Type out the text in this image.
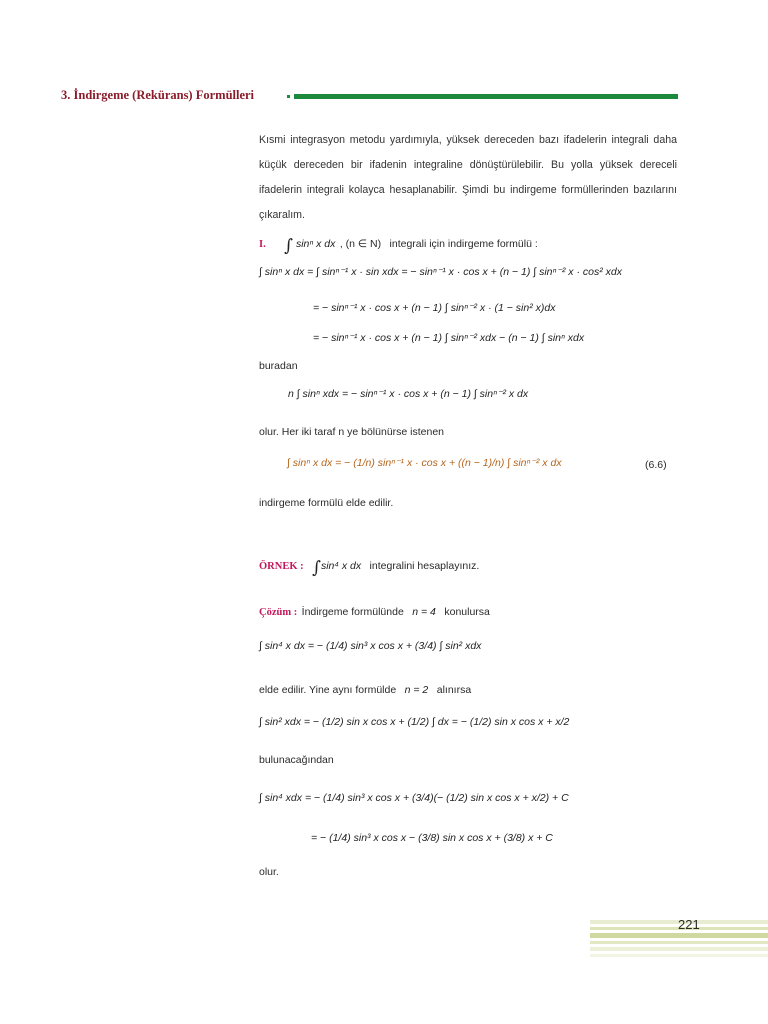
3. İndirgeme (Rekürans) Formülleri
Kısmi integrasyon metodu yardımıyla, yüksek dereceden bazı ifadelerin integrali daha küçük dereceden bir ifadenin integraline dönüştürülebilir. Bu yolla yüksek dereceli ifadelerin integrali kolayca hesaplanabilir. Şimdi bu indirgeme formüllerinden bazılarını çıkaralım.
I. ∫ sinⁿ x dx , (n ∈ N) integrali için indirgeme formülü :
∫ sinⁿ x dx = ∫ sinⁿ⁻¹ x · sin xdx = − sinⁿ⁻¹ x · cos x + (n − 1) ∫ sinⁿ⁻² x · cos² xdx
= − sinⁿ⁻¹ x · cos x + (n − 1) ∫ sinⁿ⁻² x · (1 − sin² x)dx
= − sinⁿ⁻¹ x · cos x + (n − 1) ∫ sinⁿ⁻² xdx − (n − 1) ∫ sinⁿ xdx
buradan
n ∫ sinⁿ xdx = − sinⁿ⁻¹ x · cos x + (n − 1) ∫ sinⁿ⁻² x dx
olur. Her iki taraf n ye bölünürse istenen
∫ sinⁿ x dx = − (1/n) sinⁿ⁻¹ x · cos x + ((n − 1)/n) ∫ sinⁿ⁻² x dx	(6.6)
indirgeme formülü elde edilir.
ÖRNEK : ∫sin⁴ x dx integralini hesaplayınız.
Çözüm : İndirgeme formülünde n = 4 konulursa
∫ sin⁴ x dx = − (1/4) sin³ x cos x + (3/4) ∫ sin² xdx
elde edilir. Yine aynı formülde n = 2 alınırsa
∫ sin² xdx = − (1/2) sin x cos x + (1/2) ∫ dx = − (1/2) sin x cos x + x/2
bulunacağından
∫ sin⁴ xdx = − (1/4) sin³ x cos x + (3/4)(− (1/2) sin x cos x + x/2) + C
= − (1/4) sin³ x cos x − (3/8) sin x cos x + (3/8) x + C
olur.
221
